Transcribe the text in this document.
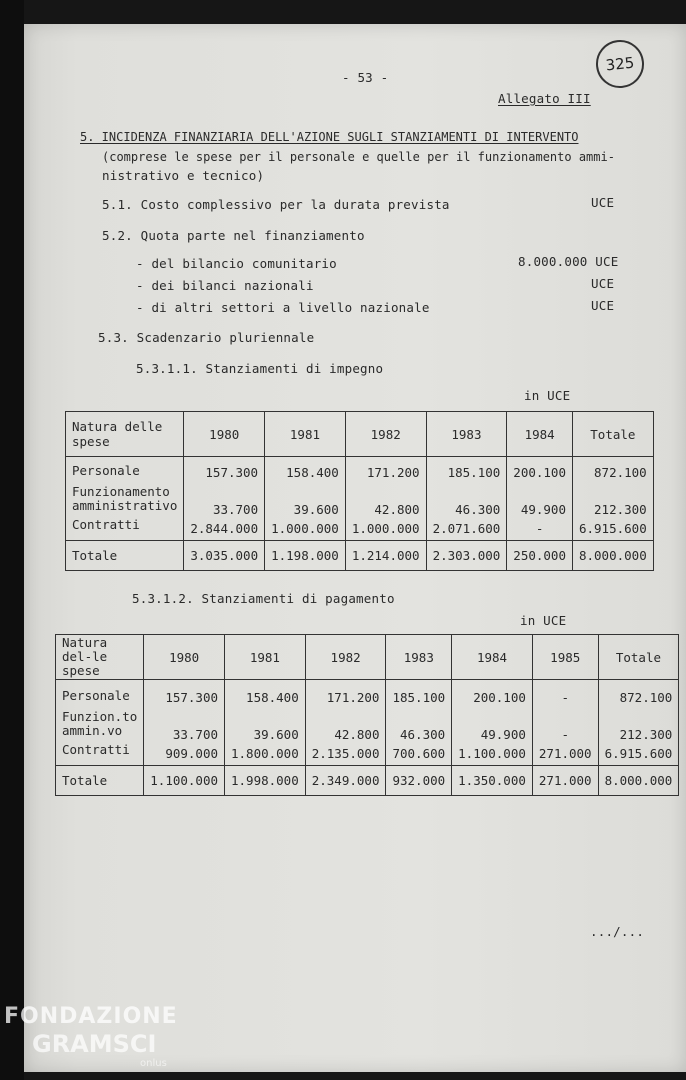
325
- 53 -
Allegato III
5. INCIDENZA FINANZIARIA DELL'AZIONE SUGLI STANZIAMENTI DI INTERVENTO
(comprese le spese per il personale e quelle per il funzionamento ammi-
nistrativo e tecnico)
5.1. Costo complessivo per la durata prevista	UCE
5.2. Quota parte nel finanziamento
- del bilancio comunitario	8.000.000 UCE
- dei bilanci nazionali	UCE
- di altri settori a livello nazionale	UCE
5.3. Scadenzario pluriennale
5.3.1.1. Stanziamenti di impegno
in UCE
Natura delle spese	1980	1981	1982	1983	1984	Totale
Personale	157.300	158.400	171.200	185.100	200.100	872.100
Funzionamento amministrativo	33.700	39.600	42.800	46.300	49.900	212.300
Contratti	2.844.000	1.000.000	1.000.000	2.071.600	-	6.915.600
Totale	3.035.000	1.198.000	1.214.000	2.303.000	250.000	8.000.000
5.3.1.2. Stanziamenti di pagamento
in UCE
Natura del-le spese	1980	1981	1982	1983	1984	1985	Totale
Personale	157.300	158.400	171.200	185.100	200.100	-	872.100
Funzion.to ammin.vo	33.700	39.600	42.800	46.300	49.900	-	212.300
Contratti	909.000	1.800.000	2.135.000	700.600	1.100.000	271.000	6.915.600
Totale	1.100.000	1.998.000	2.349.000	932.000	1.350.000	271.000	8.000.000
.../...
FONDAZIONE
GRAMSCI
onlus
